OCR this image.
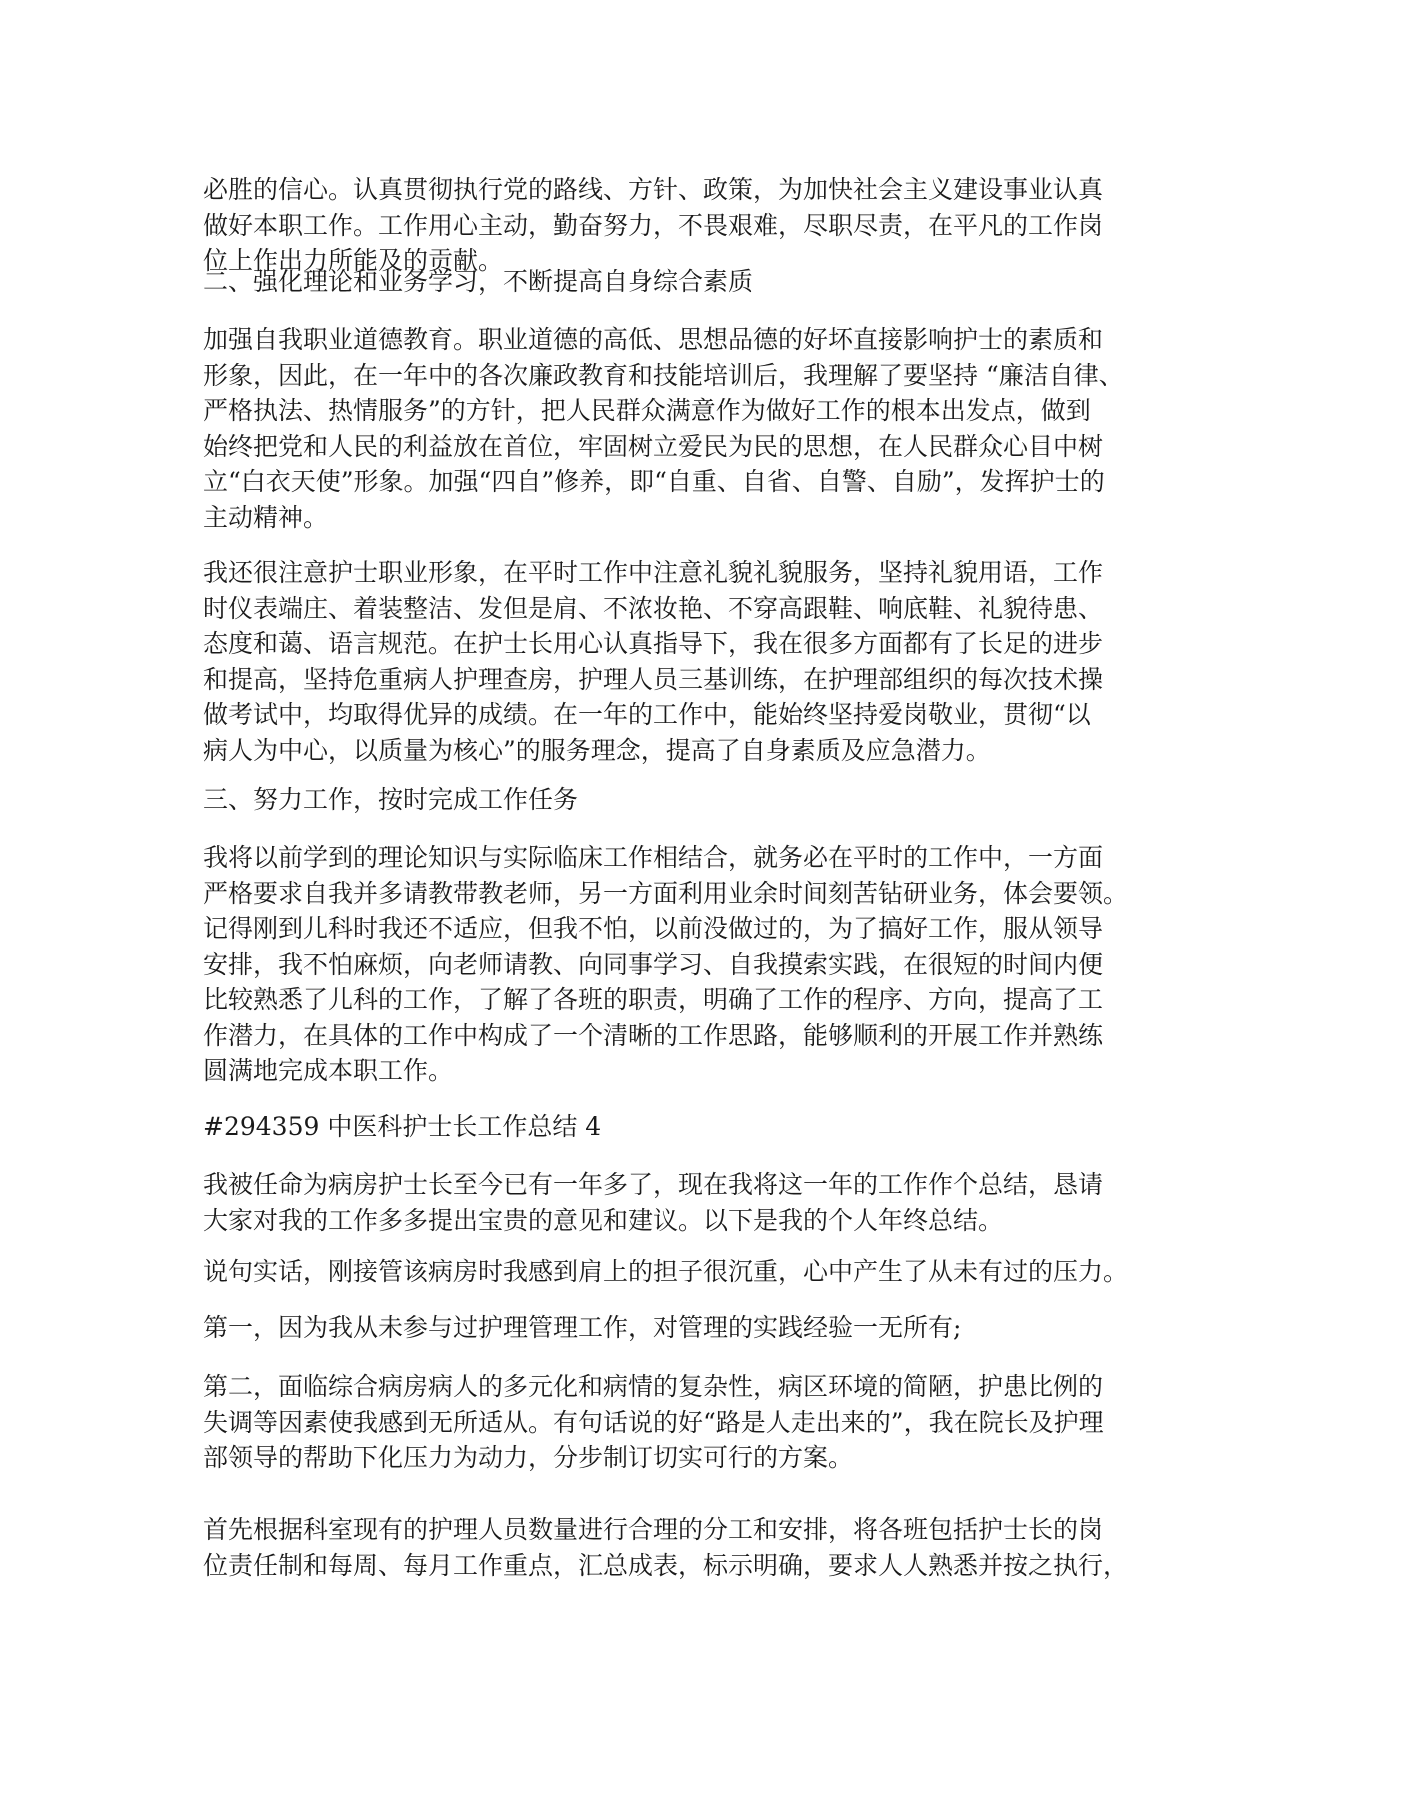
必胜的信心。认真贯彻执行党的路线、方针、政策，为加快社会主义建设事业认真
做好本职工作。工作用心主动，勤奋努力，不畏艰难，尽职尽责，在平凡的工作岗
位上作出力所能及的贡献。
二、强化理论和业务学习，不断提高自身综合素质
加强自我职业道德教育。职业道德的高低、思想品德的好坏直接影响护士的素质和
形象，因此，在一年中的各次廉政教育和技能培训后，我理解了要坚持 “廉洁自律、
严格执法、热情服务”的方针，把人民群众满意作为做好工作的根本出发点，做到
始终把党和人民的利益放在首位，牢固树立爱民为民的思想，在人民群众心目中树
立“白衣天使”形象。加强“四自”修养，即“自重、自省、自警、自励”，发挥护士的
主动精神。
我还很注意护士职业形象，在平时工作中注意礼貌礼貌服务，坚持礼貌用语，工作
时仪表端庄、着装整洁、发但是肩、不浓妆艳、不穿高跟鞋、响底鞋、礼貌待患、
态度和蔼、语言规范。在护士长用心认真指导下，我在很多方面都有了长足的进步
和提高，坚持危重病人护理查房，护理人员三基训练，在护理部组织的每次技术操
做考试中，均取得优异的成绩。在一年的工作中，能始终坚持爱岗敬业，贯彻“以
病人为中心，以质量为核心”的服务理念，提高了自身素质及应急潜力。
三、努力工作，按时完成工作任务
我将以前学到的理论知识与实际临床工作相结合，就务必在平时的工作中，一方面
严格要求自我并多请教带教老师，另一方面利用业余时间刻苦钻研业务，体会要领。
记得刚到儿科时我还不适应，但我不怕，以前没做过的，为了搞好工作，服从领导
安排，我不怕麻烦，向老师请教、向同事学习、自我摸索实践，在很短的时间内便
比较熟悉了儿科的工作，了解了各班的职责，明确了工作的程序、方向，提高了工
作潜力，在具体的工作中构成了一个清晰的工作思路，能够顺利的开展工作并熟练
圆满地完成本职工作。
#294359 中医科护士长工作总结 4
我被任命为病房护士长至今已有一年多了，现在我将这一年的工作作个总结，恳请
大家对我的工作多多提出宝贵的意见和建议。以下是我的个人年终总结。
说句实话，刚接管该病房时我感到肩上的担子很沉重，心中产生了从未有过的压力。
第一，因为我从未参与过护理管理工作，对管理的实践经验一无所有;
第二，面临综合病房病人的多元化和病情的复杂性，病区环境的简陋，护患比例的
失调等因素使我感到无所适从。有句话说的好“路是人走出来的”，我在院长及护理
部领导的帮助下化压力为动力，分步制订切实可行的方案。
首先根据科室现有的护理人员数量进行合理的分工和安排，将各班包括护士长的岗
位责任制和每周、每月工作重点，汇总成表，标示明确，要求人人熟悉并按之执行，
